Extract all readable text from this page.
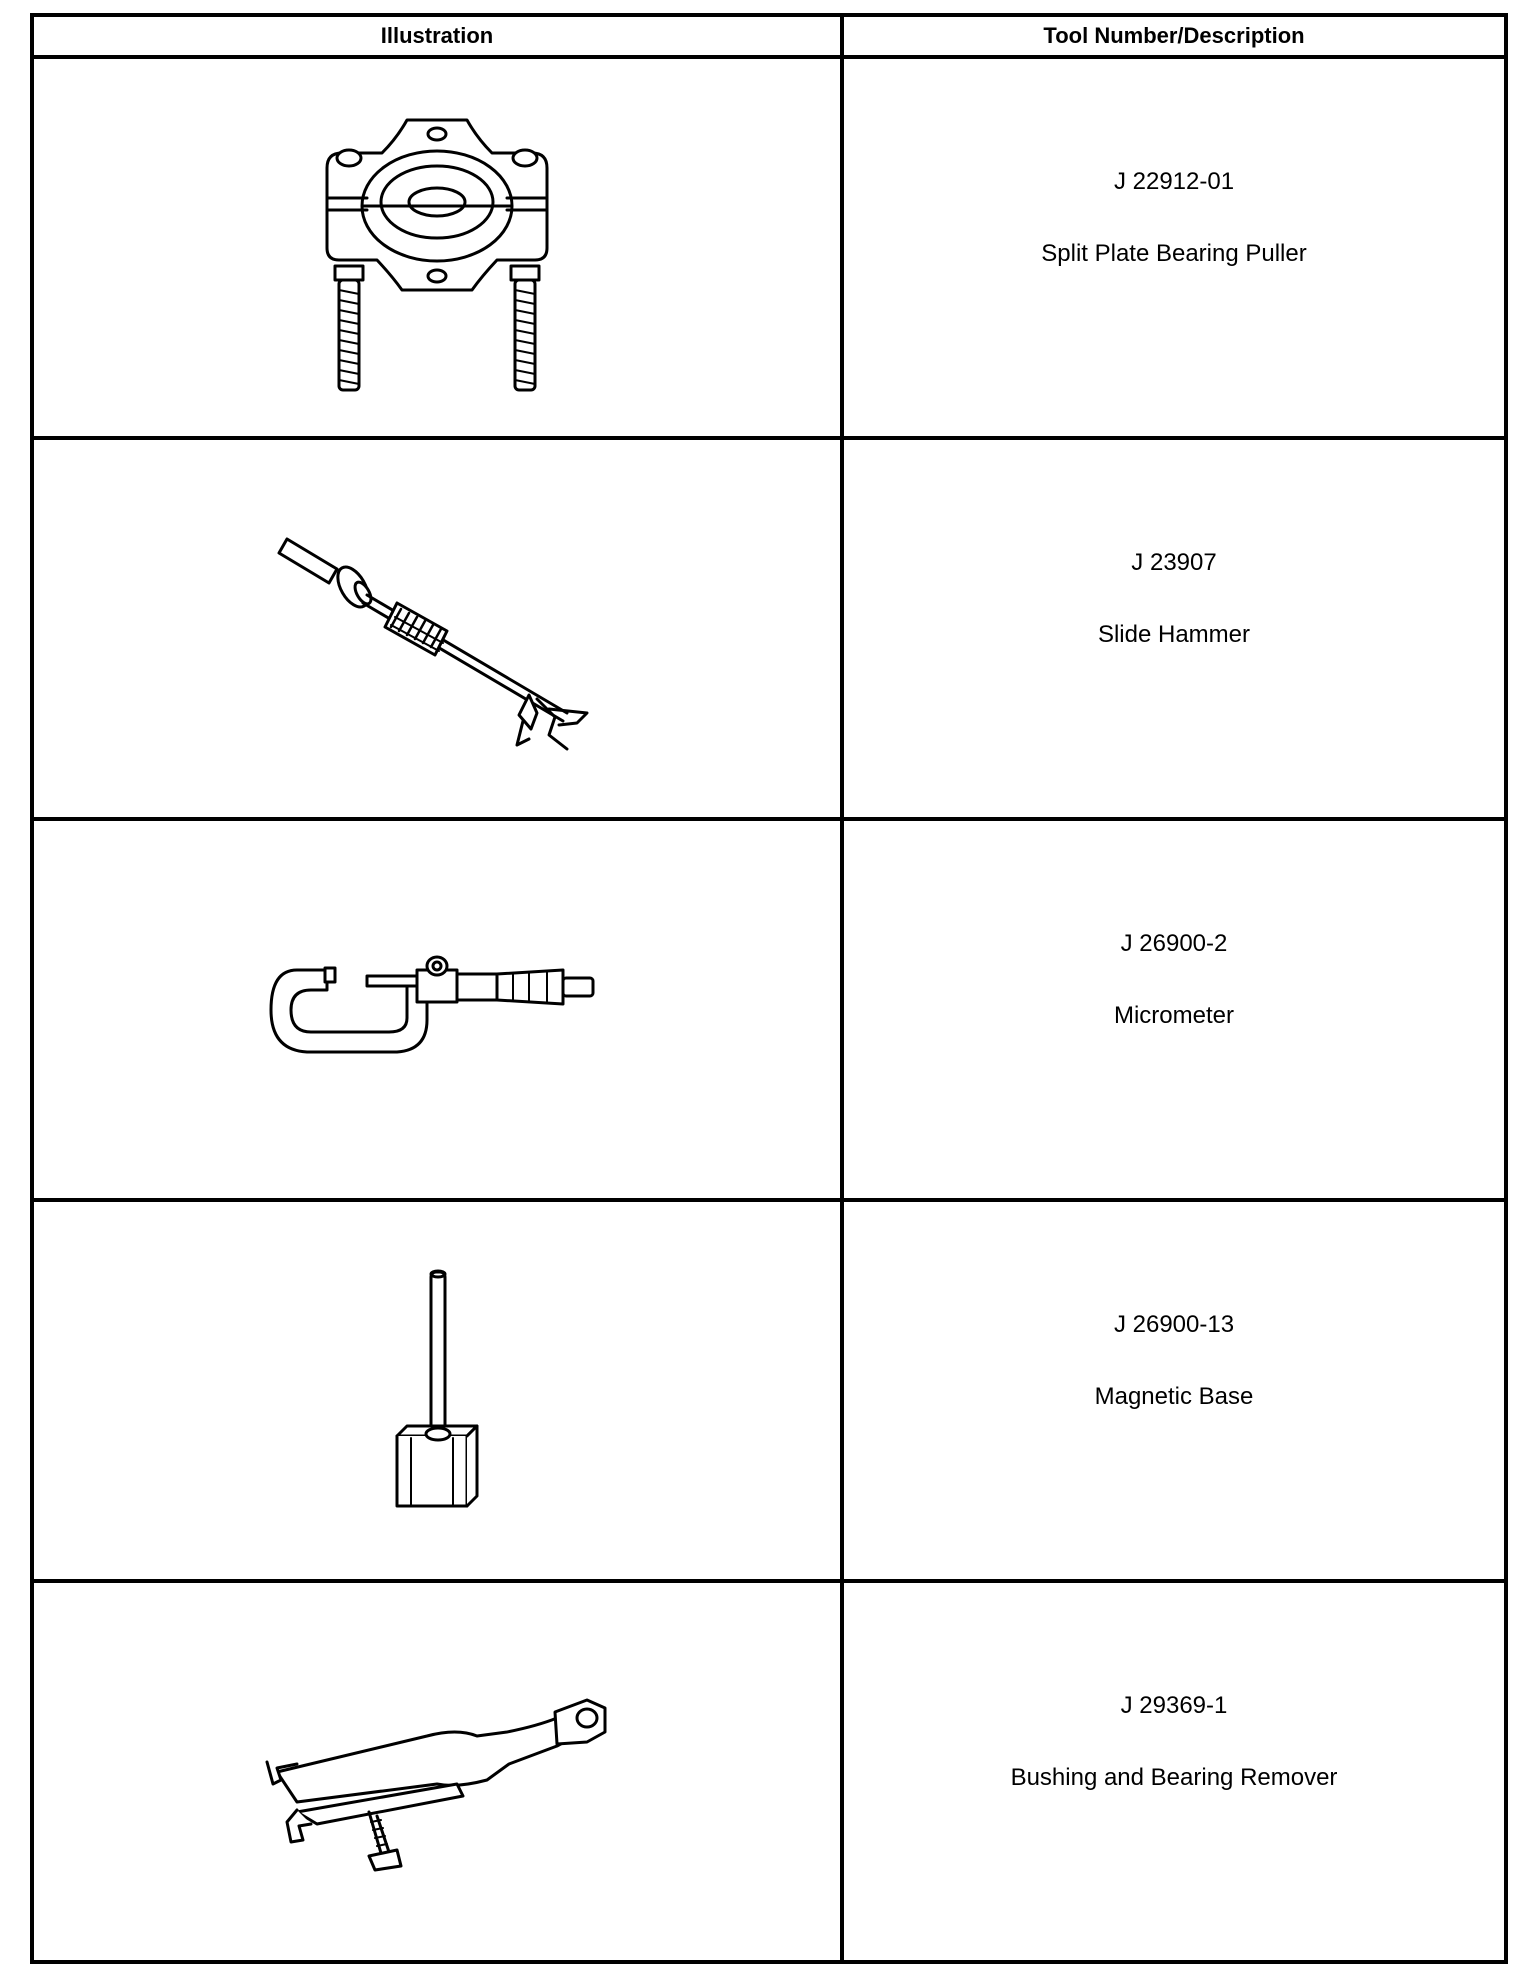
Illustration	Tool Number/Description

J 22912-01
Split Plate Bearing Puller

J 23907
Slide Hammer

J 26900-2
Micrometer

J 26900-13
Magnetic Base

J 29369-1
Bushing and Bearing Remover
